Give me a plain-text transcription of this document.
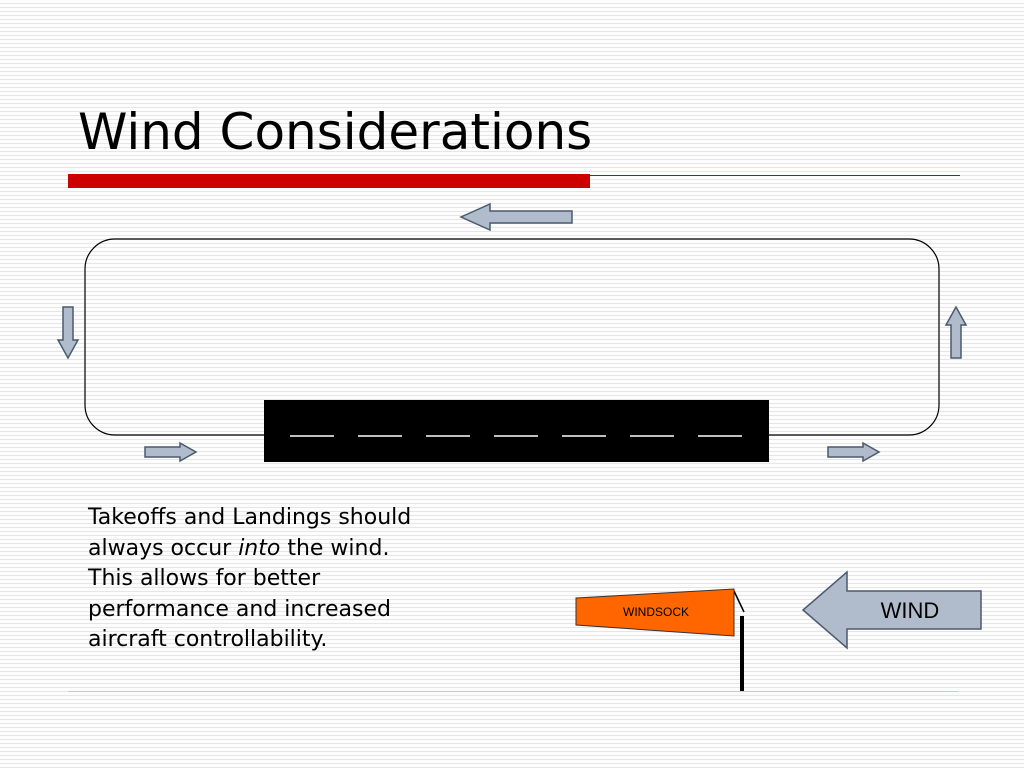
Wind Considerations
WINDSOCK	WIND

Takeoffs and Landings should always occur into the wind. This allows for better performance and increased aircraft controllability.
